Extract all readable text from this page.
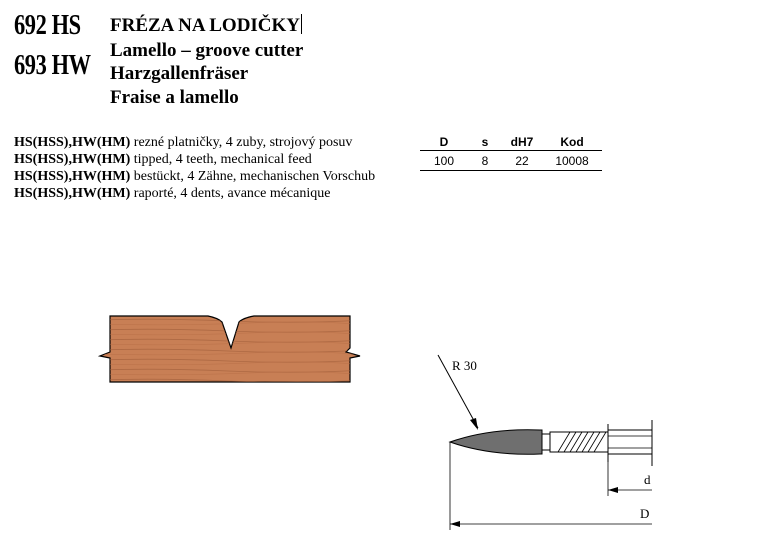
692 HS
693 HW
FRÉZA NA LODIČKY
Lamello – groove cutter
Harzgallenfräser
Fraise a lamello
HS(HSS),HW(HM) rezné platničky, 4 zuby, strojový posuv
HS(HSS),HW(HM) tipped, 4 teeth, mechanical feed
HS(HSS),HW(HM) bestückt, 4 Zähne, mechanischen Vorschub
HS(HSS),HW(HM) raporté, 4 dents, avance mécanique
D	s	dH7	Kod
100	8	22	10008
R 30
d
D
